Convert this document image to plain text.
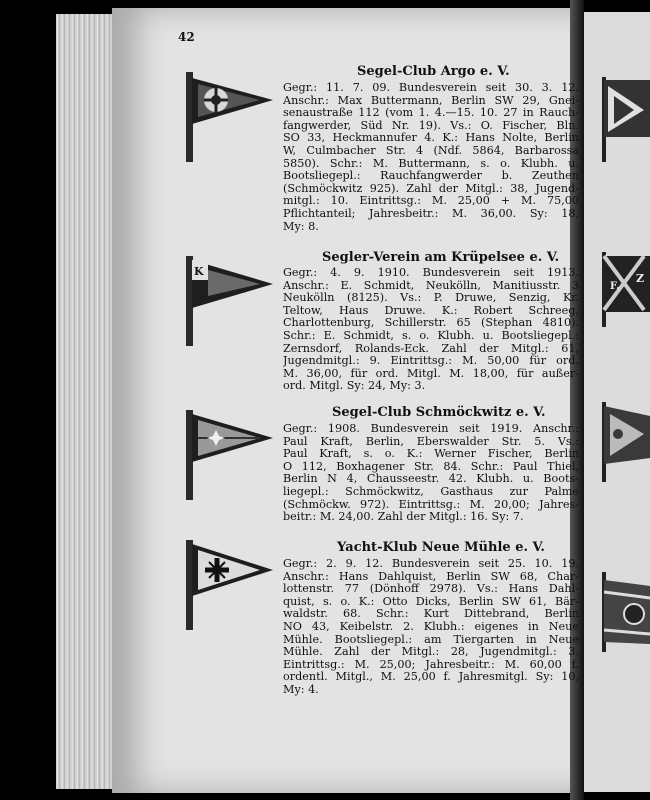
F.
Z
42
Segel-Club Argo e. V.
Gegr.: 11. 7. 09. Bundesverein seit 30. 3. 12.
Anschr.: Max Buttermann, Berlin SW 29, Gnei-
senaustraße 112 (vom 1. 4.—15. 10. 27 in Rauch-
fangwerder, Süd Nr. 19). Vs.: O. Fischer, Bln.
SO 33, Heckmannufer 4. K.: Hans Nolte, Berlin
W, Culmbacher Str. 4 (Ndf. 5864, Barbarossa
5850). Schr.: M. Buttermann, s. o. Klubh. u.
Bootsliegepl.: Rauchfangwerder b. Zeuthen
(Schmöckwitz 925). Zahl der Mitgl.: 38, Jugend-
mitgl.: 10. Eintrittsg.: M. 25,00 + M. 75,00
Pflichtanteil; Jahresbeitr.: M. 36,00. Sy: 18,
My: 8.
K
Segler-Verein am Krüpelsee e. V.
Gegr.: 4. 9. 1910. Bundesverein seit 1913.
Anschr.: E. Schmidt, Neukölln, Manitiusstr. 3
Neukölln (8125). Vs.: P. Druwe, Senzig, Kr.
Teltow, Haus Druwe. K.: Robert Schreeg,
Charlottenburg, Schillerstr. 65 (Stephan 4810).
Schr.: E. Schmidt, s. o. Klubh. u. Bootsliegepl.:
Zernsdorf, Rolands-Eck. Zahl der Mitgl.: 61,
Jugendmitgl.: 9. Eintrittsg.: M. 50,00 für ord.
M. 36,00, für ord. Mitgl. M. 18,00, für außer-
ord. Mitgl. Sy: 24, My: 3.
Segel-Club Schmöckwitz e. V.
Gegr.: 1908. Bundesverein seit 1919. Anschr.:
Paul Kraft, Berlin, Eberswalder Str. 5. Vs.:
Paul Kraft, s. o. K.: Werner Fischer, Berlin
O 112, Boxhagener Str. 84. Schr.: Paul Thiel,
Berlin N 4, Chausseestr. 42. Klubh. u. Boots-
liegepl.: Schmöckwitz, Gasthaus zur Palme
(Schmöckw. 972). Eintrittsg.: M. 20,00; Jahres-
beitr.: M. 24,00. Zahl der Mitgl.: 16. Sy: 7.
Yacht-Klub Neue Mühle e. V.
Gegr.: 2. 9. 12. Bundesverein seit 25. 10. 19.
Anschr.: Hans Dahlquist, Berlin SW 68, Char-
lottenstr. 77 (Dönhoff 2978). Vs.: Hans Dahl-
quist, s. o. K.: Otto Dicks, Berlin SW 61, Bär-
waldstr. 68. Schr.: Kurt Dittebrand, Berlin
NO 43, Keibelstr. 2. Klubh.: eigenes in Neue
Mühle. Bootsliegepl.: am Tiergarten in Neue
Mühle. Zahl der Mitgl.: 28, Jugendmitgl.: 3.
Eintrittsg.: M. 25,00; Jahresbeitr.: M. 60,00 f.
ordentl. Mitgl., M. 25,00 f. Jahresmitgl. Sy: 10,
My: 4.
